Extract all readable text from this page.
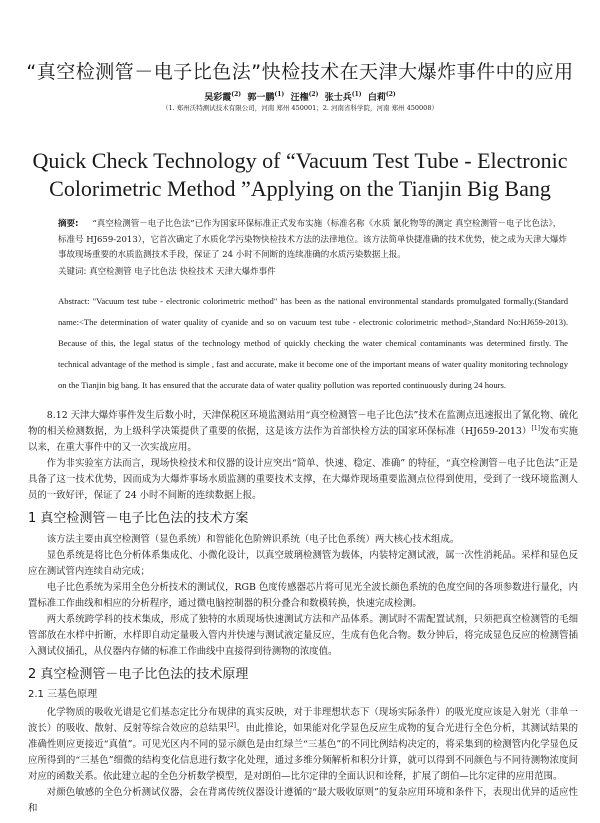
“真空检测管－电子比色法”快检技术在天津大爆炸事件中的应用
吴彩霞$^{(2)}$ 郭一鹏$^{(1)}$ 汪権$^{(2)}$ 张士兵$^{(1)}$ 白莉$^{(2)}$
（1. 郑州沃特测试技术有限公司，河南 郑州 450001；2. 河南省科学院，河南 郑州 450008）
Quick Check Technology of “Vacuum Test Tube - Electronic Colorimetric Method ”Applying on the Tianjin Big Bang
摘要: “真空检测管－电子比色法”已作为国家环保标准正式发布实施（标准名称《水质 氰化物等的测定 真空检测管－电子比色法》，标准号 HJ659-2013），它首次确定了水质化学污染物快检技术方法的法律地位。该方法简单快捷准确的技术优势，使之成为天津大爆炸事故现场重要的水质监测技术手段，保证了 24 小时不间断的连续准确的水质污染数据上报。
关键词: 真空检测管 电子比色法 快检技术 天津大爆炸事件
Abstract: "Vacuum test tube - electronic colorimetric method" has been as the national environmental standards promulgated formally.(Standard name:<The determination of water quality of cyanide and so on vacuum test tube - electronic colorimetric method>,Standard No:HJ659-2013). Because of this, the legal status of the technology method of quickly checking the water chemical contaminants was determined firstly. The technical advantage of the method is simple , fast and accurate, make it become one of the important means of water quality monitoring technology on the Tianjin big bang. It has ensured that the accurate data of water quality pollution was reported continuously during 24 hours.

8.12 天津大爆炸事件发生后数小时，天津保税区环境监测站用“真空检测管－电子比色法”技术在监测点迅速报出了氰化物、硫化物的相关检测数据，为上级科学决策提供了重要的依据，这是该方法作为首部快检方法的国家环保标准（HJ659-2013）[1]发布实施以来，在重大事件中的又一次实战应用。

作为非实验室方法而言，现场快检技术和仪器的设计应突出“简单、快速、稳定、准确” 的特征，“真空检测管－电子比色法”正是具备了这一技术优势，因而成为大爆炸事场水质监测的重要技术支撑，在大爆炸现场重要监测点位得到使用，受到了一线环境监测人员的一致好评，保证了 24 小时不间断的连续数据上报。

1 真空检测管－电子比色法的技术方案

该方法主要由真空检测管（显色系统）和智能化色阶辨识系统（电子比色系统）两大核心技术组成。

显色系统是将比色分析体系集成化、小微化设计，以真空玻璃检测管为载体，内装特定测试液，属一次性消耗品。采样和显色反应在测试管内连续自动完成；

电子比色系统为采用全色分析技术的测试仪，RGB 色度传感器芯片将可见光全波长颜色系统的色度空间的各项参数进行量化，内置标准工作曲线和相应的分析程序，通过微电脑控制器的积分叠合和数模转换，快速完成检测。

两大系统跨学科的技术集成，形成了独特的水质现场快速测试方法和产品体系。测试时不需配置试剂，只须把真空检测管的毛细管部放在水样中折断，水样即自动定量吸入管内并快速与测试液定量反应，生成有色化合物。数分钟后，将完成显色反应的检测管插入测试仪插孔，从仪器内存储的标准工作曲线中直接得到待测物的浓度值。

2 真空检测管－电子比色法的技术原理
2.1 三基色原理

化学物质的吸收光谱是它们基态定比分布规律的真实反映，对于非理想状态下（现场实际条件）的吸光度应该是入射光（非单一波长）的吸收、散射、反射等综合效应的总结果[2]。由此推论，如果能对化学显色反应生成物的复合光进行全色分析，其测试结果的准确性则应更接近“真值”。可见光区内不同的显示颜色是由红绿兰“三基色”的不同比例结构决定的，将采集到的检测管内化学显色反应所得到的“三基色”细微的结构变化信息进行数字化处理，通过多维分频解析和积分计算，就可以得到不同颜色与不同待测物浓度间对应的函数关系。依此建立起的全色分析数学模型，是对朗伯—比尔定律的全面认识和诠释，扩展了朗伯—比尔定律的应用范围。

对颜色敏感的全色分析测试仪器，会在背离传统仪器设计遵循的“最大吸收原则”的复杂应用环境和条件下，表现出优异的适应性和
